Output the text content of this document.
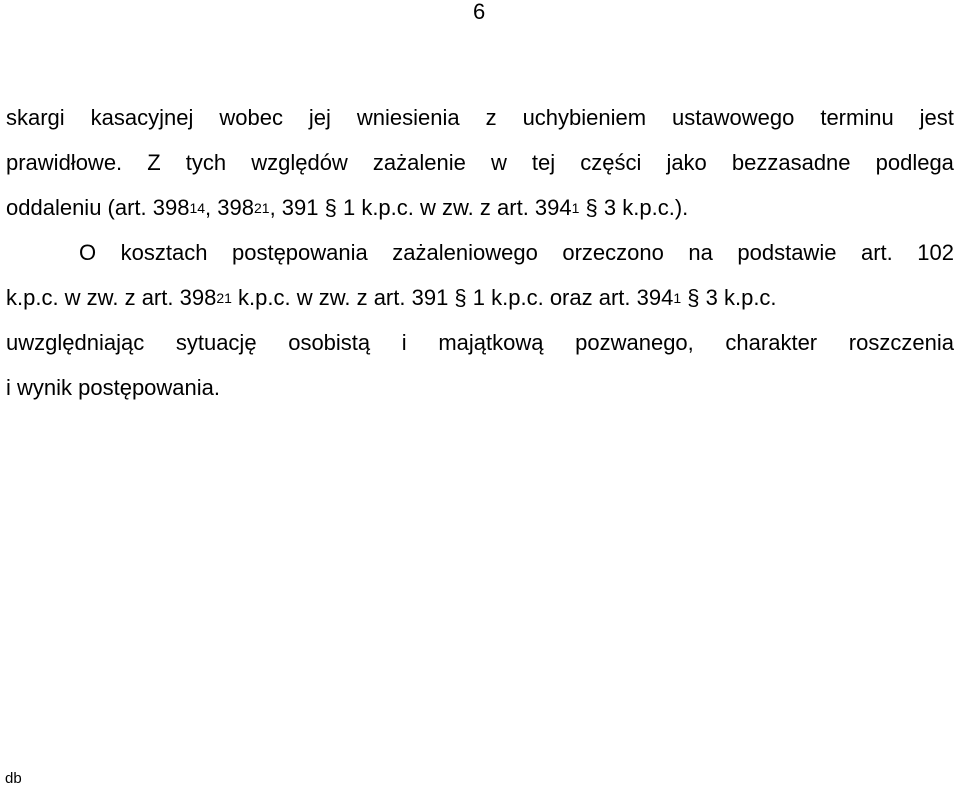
6
skargi kasacyjnej wobec jej wniesienia z uchybieniem ustawowego terminu jest
prawidłowe. Z tych względów zażalenie w tej części jako bezzasadne podlega
oddaleniu (art. $398^{14}$ , $398^{21}$ , 391 § 1 k.p.c. w zw. z art. $394^1$
§ 3 k.p.c.).
O kosztach postępowania zażaleniowego orzeczono na podstawie art. 102
k.p.c. w zw. z art. $398^{21}$ k.p.c. w zw. z art. 391 § 1 k.p.c. oraz art. $394^1$
§ 3 k.p.c.
uwzględniając sytuację osobistą i majątkową pozwanego, charakter roszczenia
i wynik postępowania.
db
